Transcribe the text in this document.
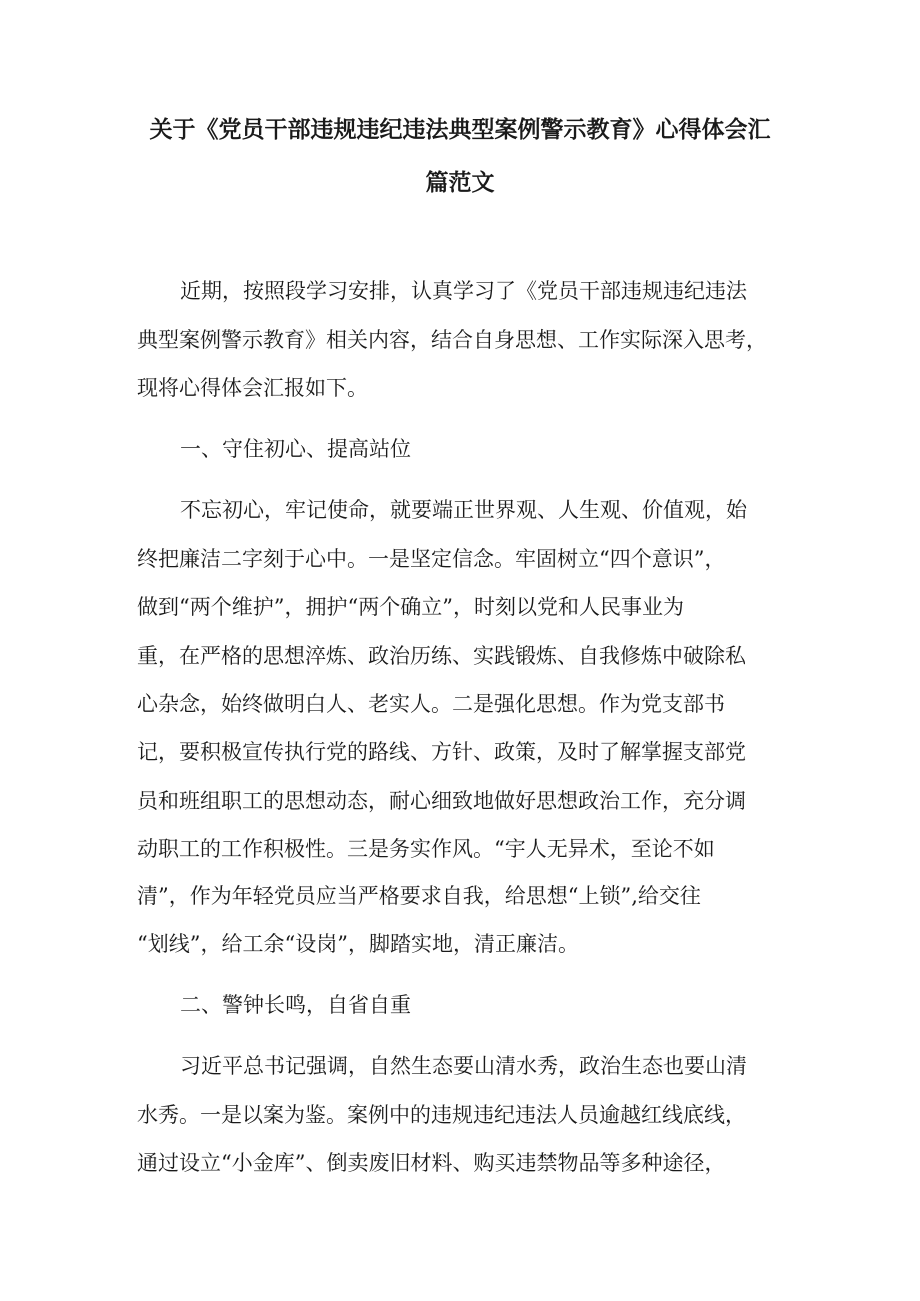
关于《党员干部违规违纪违法典型案例警示教育》心得体会汇
篇范文
近期，按照段学习安排，认真学习了《党员干部违规违纪违法
典型案例警示教育》相关内容，结合自身思想、工作实际深入思考，
现将心得体会汇报如下。
一、守住初心、提高站位
不忘初心，牢记使命，就要端正世界观、人生观、价值观，始
终把廉洁二字刻于心中。一是坚定信念。牢固树立“四个意识”，
做到“两个维护”，拥护“两个确立”，时刻以党和人民事业为
重，在严格的思想淬炼、政治历练、实践锻炼、自我修炼中破除私
心杂念，始终做明白人、老实人。二是强化思想。作为党支部书
记，要积极宣传执行党的路线、方针、政策，及时了解掌握支部党
员和班组职工的思想动态，耐心细致地做好思想政治工作，充分调
动职工的工作积极性。三是务实作风。“宇人无异术，至论不如
清”，作为年轻党员应当严格要求自我，给思想“上锁”,给交往
“划线”，给工余“设岗”，脚踏实地，清正廉洁。
二、警钟长鸣，自省自重
习近平总书记强调，自然生态要山清水秀，政治生态也要山清
水秀。一是以案为鉴。案例中的违规违纪违法人员逾越红线底线，
通过设立“小金库”、倒卖废旧材料、购买违禁物品等多种途径，
